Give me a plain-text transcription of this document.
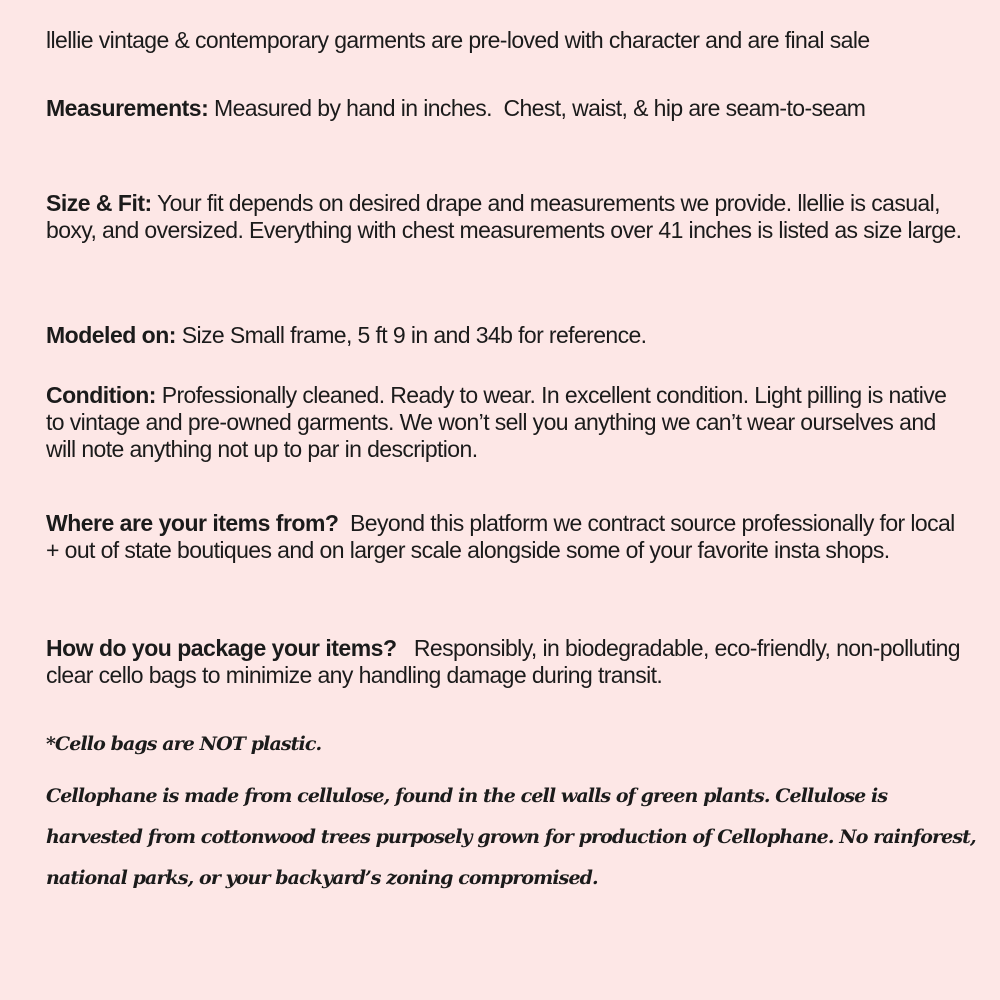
llellie vintage & contemporary garments are pre-loved with character and are final sale
Measurements: Measured by hand in inches.  Chest, waist, & hip are seam-to-seam
Size & Fit: Your fit depends on desired drape and measurements we provide. llellie is casual, boxy, and oversized. Everything with chest measurements over 41 inches is listed as size large.
Modeled on: Size Small frame, 5 ft 9 in and 34b for reference.
Condition: Professionally cleaned. Ready to wear. In excellent condition. Light pilling is native to vintage and pre-owned garments. We won’t sell you anything we can’t wear ourselves and will note anything not up to par in description.
Where are your items from?  Beyond this platform we contract source professionally for local + out of state boutiques and on larger scale alongside some of your favorite insta shops.
How do you package your items?   Responsibly, in biodegradable, eco-friendly, non-polluting clear cello bags to minimize any handling damage during transit.
*Cello bags are NOT plastic.
Cellophane is made from cellulose, found in the cell walls of green plants. Cellulose is harvested from cottonwood trees purposely grown for production of Cellophane. No rainforest, national parks, or your backyard’s zoning compromised.
